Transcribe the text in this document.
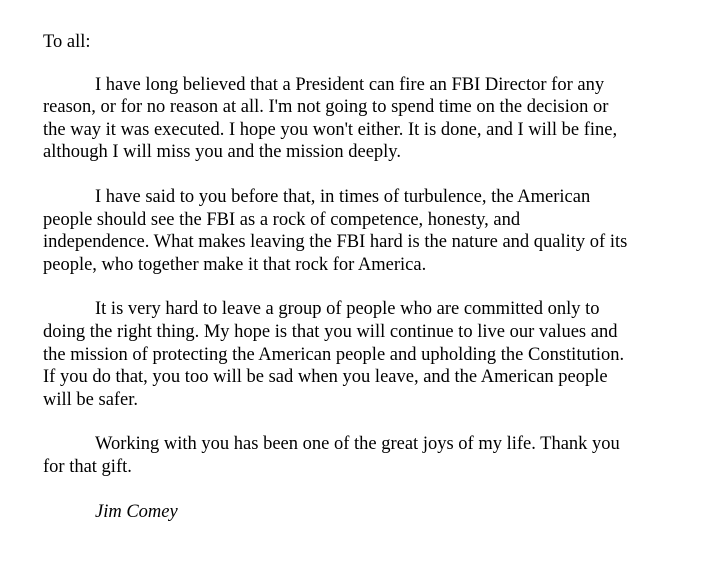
To all:

I have long believed that a President can fire an FBI Director for any
reason, or for no reason at all. I'm not going to spend time on the decision or
the way it was executed. I hope you won't either. It is done, and I will be fine,
although I will miss you and the mission deeply.
I have said to you before that, in times of turbulence, the American
people should see the FBI as a rock of competence, honesty, and
independence. What makes leaving the FBI hard is the nature and quality of its
people, who together make it that rock for America.
It is very hard to leave a group of people who are committed only to
doing the right thing. My hope is that you will continue to live our values and
the mission of protecting the American people and upholding the Constitution.
If you do that, you too will be sad when you leave, and the American people
will be safer.
Working with you has been one of the great joys of my life. Thank you
for that gift.

Jim Comey
